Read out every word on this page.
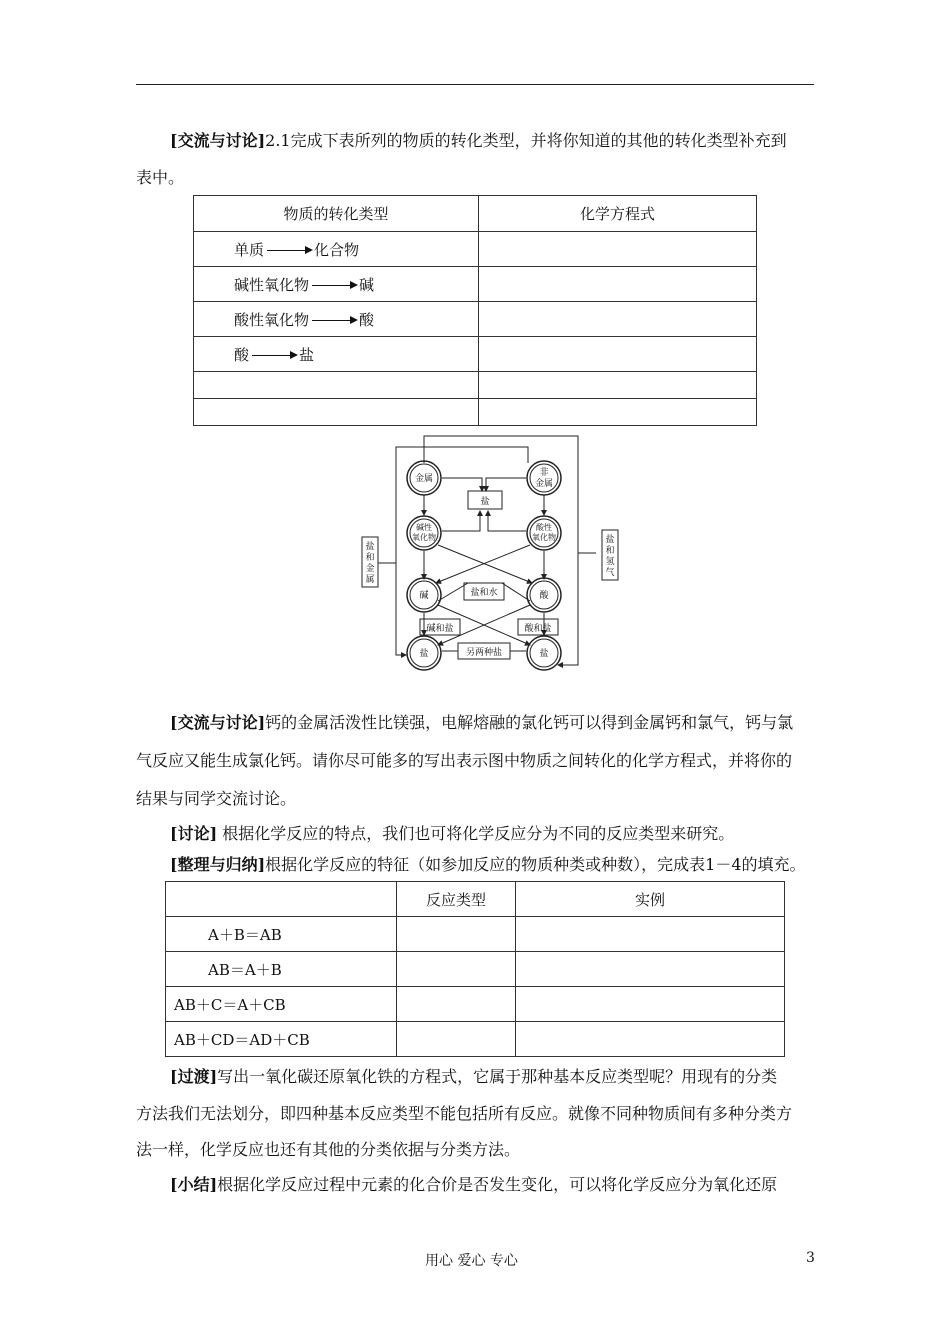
[交流与讨论]2.1完成下表所列的物质的转化类型，并将你知道的其他的转化类型补充到
表中。
物质的转化类型	化学方程式
单质 化合物	
碱性氧化物 碱	
酸性氧化物 酸	
酸 盐	

金属
非
金属
盐
碱性
氧化物
酸性
氧化物
碱	酸
盐和水
碱和盐	酸和盐
另两种盐
盐	盐
盐
和
金
属
盐
和
氢
气
[交流与讨论]钙的金属活泼性比镁强，电解熔融的氯化钙可以得到金属钙和氯气，钙与氯
气反应又能生成氯化钙。请你尽可能多的写出表示图中物质之间转化的化学方程式，并将你的
结果与同学交流讨论。
[讨论] 根据化学反应的特点，我们也可将化学反应分为不同的反应类型来研究。
[整理与归纳]根据化学反应的特征（如参加反应的物质种类或种数），完成表1－4的填充。
	反应类型	实例
A＋B＝AB		
AB＝A＋B		
AB＋C＝A＋CB		
AB＋CD＝AD＋CB		
[过渡]写出一氧化碳还原氧化铁的方程式，它属于那种基本反应类型呢？用现有的分类
方法我们无法划分，即四种基本反应类型不能包括所有反应。就像不同种物质间有多种分类方
法一样，化学反应也还有其他的分类依据与分类方法。
[小结]根据化学反应过程中元素的化合价是否发生变化，可以将化学反应分为氧化还原
用心 爱心 专心	3
